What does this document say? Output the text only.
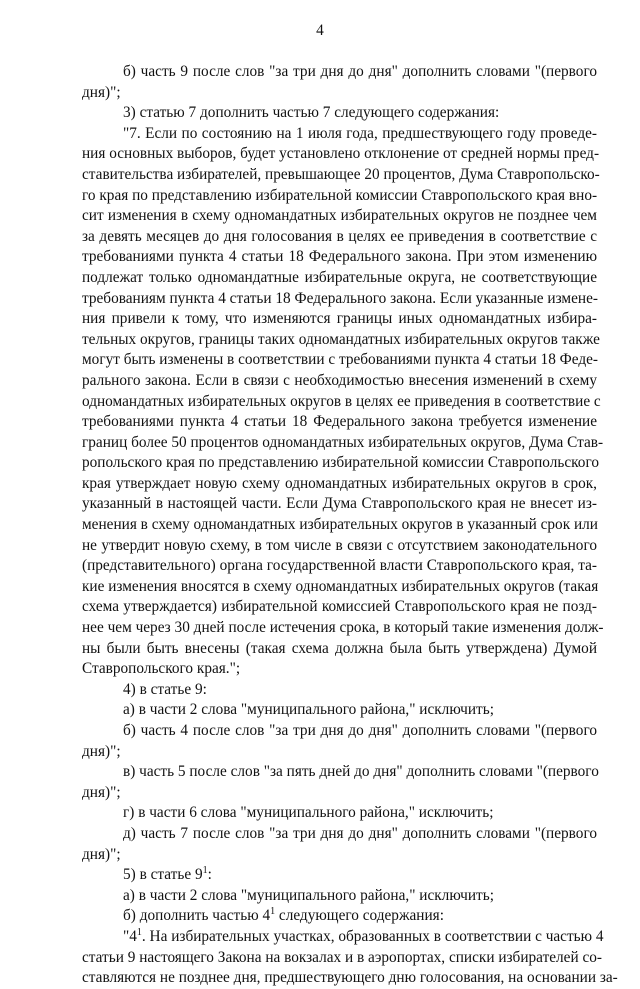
4
б) часть 9 после слов "за три дня до дня" дополнить словами "(первого
дня)";
3) статью 7 дополнить частью 7 следующего содержания:
"7. Если по состоянию на 1 июля года, предшествующего году проведе-
ния основных выборов, будет установлено отклонение от средней нормы пред-
ставительства избирателей, превышающее 20 процентов, Дума Ставропольско-
го края по представлению избирательной комиссии Ставропольского края вно-
сит изменения в схему одномандатных избирательных округов не позднее чем
за девять месяцев до дня голосования в целях ее приведения в соответствие с
требованиями пункта 4 статьи 18 Федерального закона. При этом изменению
подлежат только одномандатные избирательные округа, не соответствующие
требованиям пункта 4 статьи 18 Федерального закона. Если указанные измене-
ния привели к тому, что изменяются границы иных одномандатных избира-
тельных округов, границы таких одномандатных избирательных округов также
могут быть изменены в соответствии с требованиями пункта 4 статьи 18 Феде-
рального закона. Если в связи с необходимостью внесения изменений в схему
одномандатных избирательных округов в целях ее приведения в соответствие с
требованиями пункта 4 статьи 18 Федерального закона требуется изменение
границ более 50 процентов одномандатных избирательных округов, Дума Став-
ропольского края по представлению избирательной комиссии Ставропольского
края утверждает новую схему одномандатных избирательных округов в срок,
указанный в настоящей части. Если Дума Ставропольского края не внесет из-
менения в схему одномандатных избирательных округов в указанный срок или
не утвердит новую схему, в том числе в связи с отсутствием законодательного
(представительного) органа государственной власти Ставропольского края, та-
кие изменения вносятся в схему одномандатных избирательных округов (такая
схема утверждается) избирательной комиссией Ставропольского края не позд-
нее чем через 30 дней после истечения срока, в который такие изменения долж-
ны были быть внесены (такая схема должна была быть утверждена) Думой
Ставропольского края.";
4) в статье 9:
а) в части 2 слова "муниципального района," исключить;
б) часть 4 после слов "за три дня до дня" дополнить словами "(первого
дня)";
в) часть 5 после слов "за пять дней до дня" дополнить словами "(первого
дня)";
г) в части 6 слова "муниципального района," исключить;
д) часть 7 после слов "за три дня до дня" дополнить словами "(первого
дня)";
5) в статье $9^1$:
а) в части 2 слова "муниципального района," исключить;
б) дополнить частью $4^1$ следующего содержания:
"$4^1$. На избирательных участках, образованных в соответствии с частью 4
статьи 9 настоящего Закона на вокзалах и в аэропортах, списки избирателей со-
ставляются не позднее дня, предшествующего дню голосования, на основании за-
